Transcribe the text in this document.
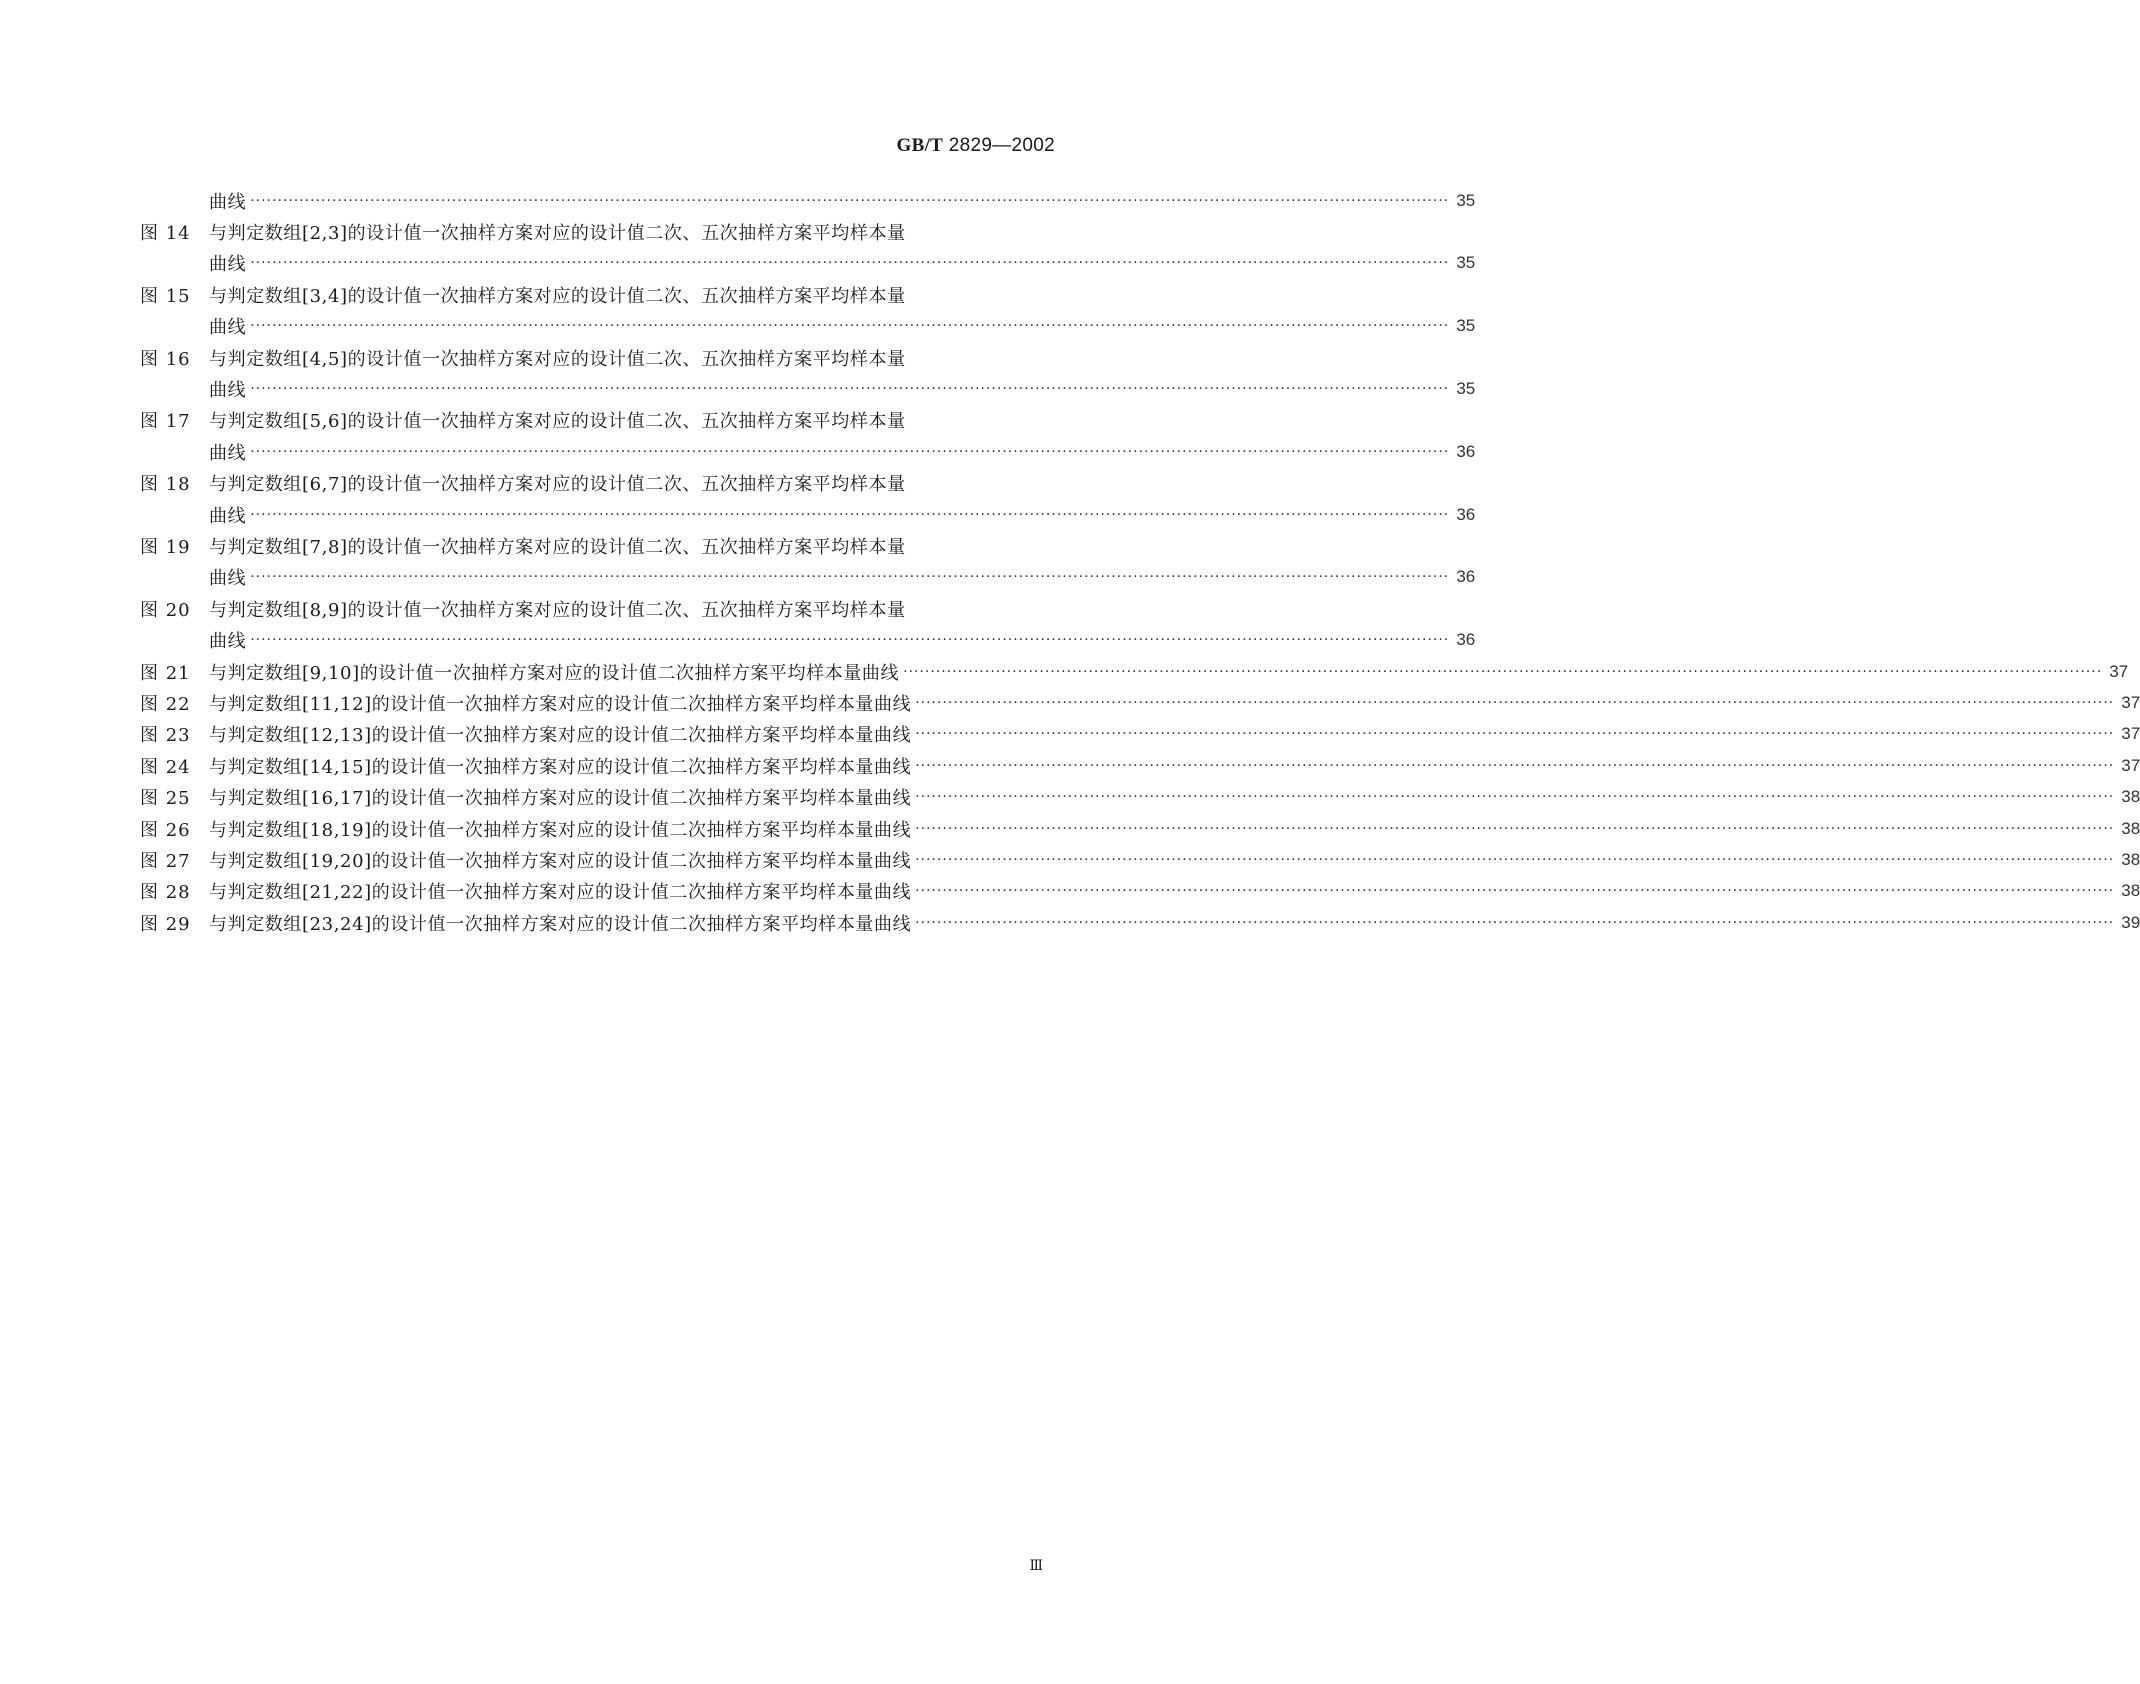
GB/T 2829—2002
曲线 ···························································································································································································································· 35
图 14	与判定数组[2,3]的设计值一次抽样方案对应的设计值二次、五次抽样方案平均样本量
曲线 ···························································································································································································································· 35
图 15	与判定数组[3,4]的设计值一次抽样方案对应的设计值二次、五次抽样方案平均样本量
曲线 ···························································································································································································································· 35
图 16	与判定数组[4,5]的设计值一次抽样方案对应的设计值二次、五次抽样方案平均样本量
曲线 ···························································································································································································································· 35
图 17	与判定数组[5,6]的设计值一次抽样方案对应的设计值二次、五次抽样方案平均样本量
曲线 ···························································································································································································································· 36
图 18	与判定数组[6,7]的设计值一次抽样方案对应的设计值二次、五次抽样方案平均样本量
曲线 ···························································································································································································································· 36
图 19	与判定数组[7,8]的设计值一次抽样方案对应的设计值二次、五次抽样方案平均样本量
曲线 ···························································································································································································································· 36
图 20	与判定数组[8,9]的设计值一次抽样方案对应的设计值二次、五次抽样方案平均样本量
曲线 ···························································································································································································································· 36
图 21	与判定数组[9,10]的设计值一次抽样方案对应的设计值二次抽样方案平均样本量曲线 ···························································································································································································································· 37
图 22	与判定数组[11,12]的设计值一次抽样方案对应的设计值二次抽样方案平均样本量曲线 ···························································································································································································································· 37
图 23	与判定数组[12,13]的设计值一次抽样方案对应的设计值二次抽样方案平均样本量曲线 ···························································································································································································································· 37
图 24	与判定数组[14,15]的设计值一次抽样方案对应的设计值二次抽样方案平均样本量曲线 ···························································································································································································································· 37
图 25	与判定数组[16,17]的设计值一次抽样方案对应的设计值二次抽样方案平均样本量曲线 ···························································································································································································································· 38
图 26	与判定数组[18,19]的设计值一次抽样方案对应的设计值二次抽样方案平均样本量曲线 ···························································································································································································································· 38
图 27	与判定数组[19,20]的设计值一次抽样方案对应的设计值二次抽样方案平均样本量曲线 ···························································································································································································································· 38
图 28	与判定数组[21,22]的设计值一次抽样方案对应的设计值二次抽样方案平均样本量曲线 ···························································································································································································································· 38
图 29	与判定数组[23,24]的设计值一次抽样方案对应的设计值二次抽样方案平均样本量曲线 ···························································································································································································································· 39
Ⅲ
